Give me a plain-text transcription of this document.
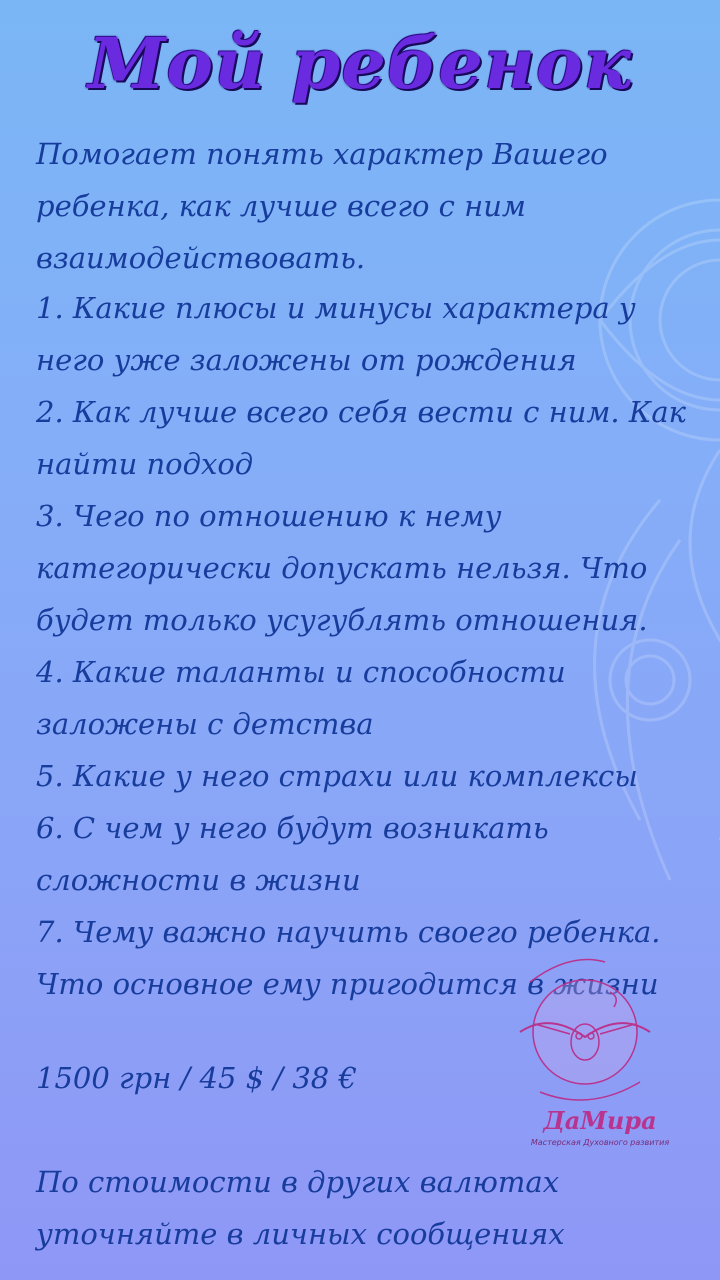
Мой ребенок
Помогает понять характер Вашего ребенка, как лучше всего с ним взаимодействовать.
1. Какие плюсы и минусы характера у него уже заложены от рождения
2. Как лучше всего себя вести с ним. Как найти подход
3. Чего по отношению к нему категорически допускать нельзя. Что будет только усугублять отношения.
4. Какие таланты и способности заложены с детства
5. Какие у него страхи или комплексы
6. С чем у него будут возникать сложности в жизни
7. Чему важно научить своего ребенка. Что основное ему пригодится в жизни
1500 грн / 45 $ / 38 €
По стоимости в других валютах уточняйте в личных сообщениях
ДаМира
Мастерская Духовного развития
